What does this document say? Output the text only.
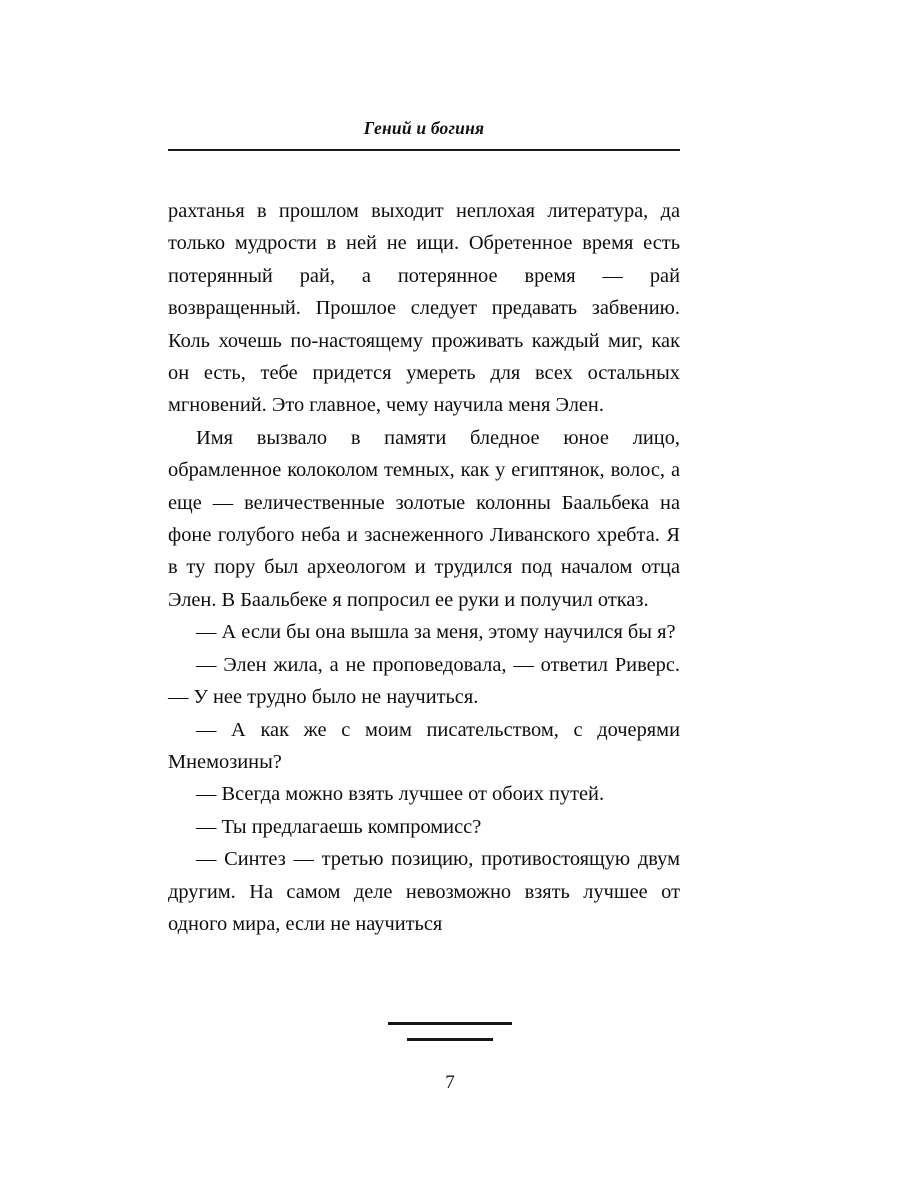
Гений и богиня

рахтанья в прошлом выходит неплохая литература, да только мудрости в ней не ищи. Обретенное время есть потерянный рай, а потерянное время — рай возвращенный. Прошлое следует предавать забвению. Коль хочешь по-настоящему проживать каждый миг, как он есть, тебе придется умереть для всех остальных мгновений. Это главное, чему научила меня Элен.

Имя вызвало в памяти бледное юное лицо, обрамленное колоколом темных, как у египтянок, волос, а еще — величественные золотые колонны Баальбека на фоне голубого неба и заснеженного Ливанского хребта. Я в ту пору был археологом и трудился под началом отца Элен. В Баальбеке я попросил ее руки и получил отказ.

— А если бы она вышла за меня, этому научился бы я?

— Элен жила, а не проповедовала, — ответил Риверс. — У нее трудно было не научиться.

— А как же с моим писательством, с дочерями Мнемозины?

— Всегда можно взять лучшее от обоих путей.

— Ты предлагаешь компромисс?

— Синтез — третью позицию, противостоящую двум другим. На самом деле невозможно взять лучшее от одного мира, если не научиться

7
